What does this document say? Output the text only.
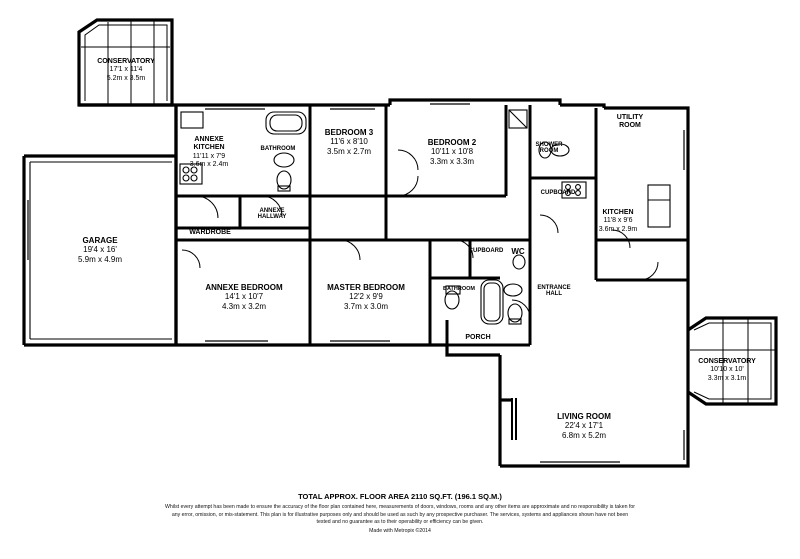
CONSERVATORY
17'1 x 11'4
5.2m x 3.5m
ANNEXE
KITCHEN
11'11 x 7'9
3.6m x 2.4m
BEDROOM 3
11'6 x 8'10
3.5m x 2.7m
BEDROOM 2
10'11 x 10'8
3.3m x 3.3m
UTILITY
ROOM
KITCHEN
11'8 x 9'6
3.6m x 2.9m
GARAGE
19'4 x 16'
5.9m x 4.9m
ANNEXE BEDROOM
14'1 x 10'7
4.3m x 3.2m
MASTER BEDROOM
12'2 x 9'9
3.7m x 3.0m
LIVING ROOM
22'4 x 17'1
6.8m x 5.2m
CONSERVATORY
10'10 x 10'
3.3m x 3.1m
BATHROOM
ANNEXE
HALLWAY
WARDROBE
SHOWER
ROOM
CUPBOARD
CUPBOARD	WC
BATHROOM	ENTRANCE
HALL
PORCH
TOTAL APPROX. FLOOR AREA 2110 SQ.FT. (196.1 SQ.M.)
Whilst every attempt has been made to ensure the accuracy of the floor plan contained here, measurements of doors, windows, rooms and any other items are approximate and no responsibility is taken for any error, omission, or mis-statement. This plan is for illustrative purposes only and should be used as such by any prospective purchaser. The services, systems and appliances shown have not been tested and no guarantee as to their operability or efficiency can be given.
Made with Metropix ©2014
